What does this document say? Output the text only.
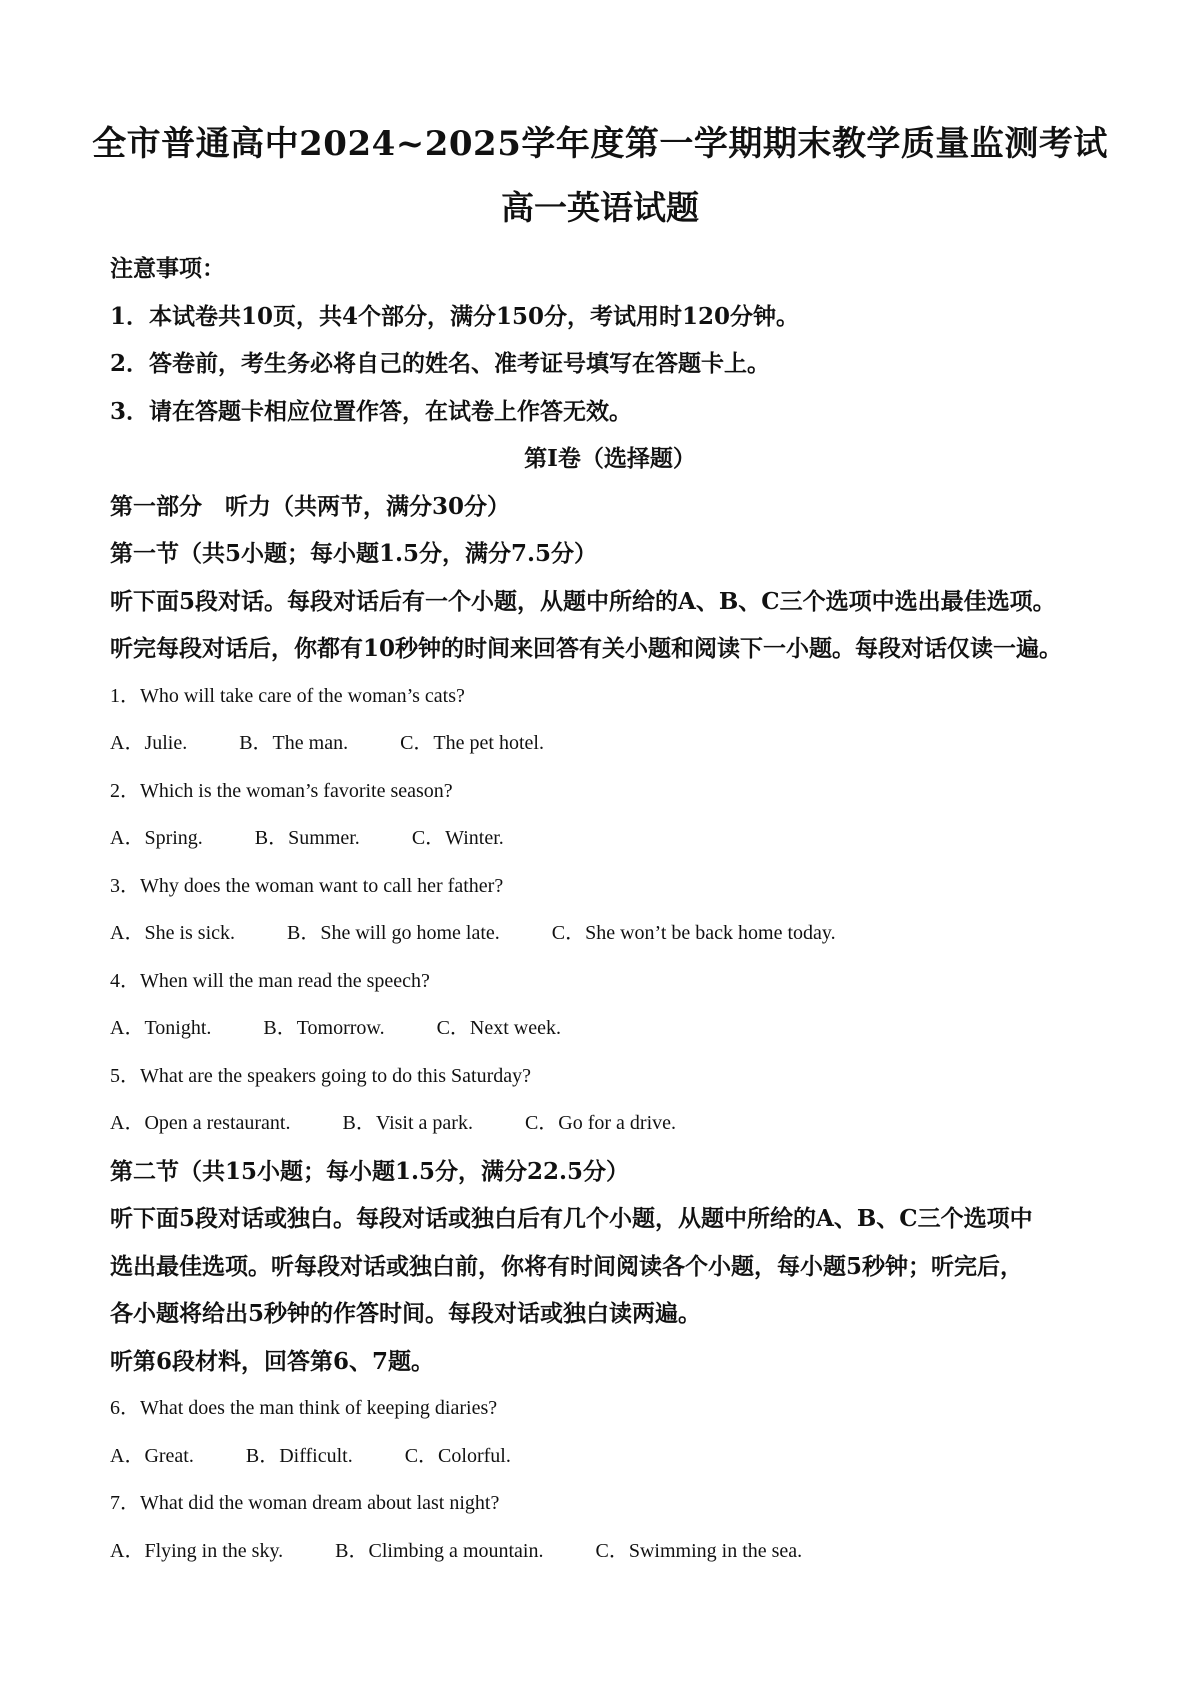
全市普通高中2024~2025学年度第一学期期末教学质量监测考试
高一英语试题
注意事项：
1．本试卷共10页，共4个部分，满分150分，考试用时120分钟。
2．答卷前，考生务必将自己的姓名、准考证号填写在答题卡上。
3．请在答题卡相应位置作答，在试卷上作答无效。
第I卷（选择题）
第一部分　听力（共两节，满分30分）
第一节（共5小题；每小题1.5分，满分7.5分）
听下面5段对话。每段对话后有一个小题，从题中所给的A、B、C三个选项中选出最佳选项。
听完每段对话后，你都有10秒钟的时间来回答有关小题和阅读下一小题。每段对话仅读一遍。
1．Who will take care of the woman’s cats?
A．Julie.	B．The man.	C．The pet hotel.
2．Which is the woman’s favorite season?
A．Spring.	B．Summer.	C．Winter.
3．Why does the woman want to call her father?
A．She is sick.	B．She will go home late.	C．She won’t be back home today.
4．When will the man read the speech?
A．Tonight.	B．Tomorrow.	C．Next week.
5．What are the speakers going to do this Saturday?
A．Open a restaurant.	B．Visit a park.	C．Go for a drive.
第二节（共15小题；每小题1.5分，满分22.5分）
听下面5段对话或独白。每段对话或独白后有几个小题，从题中所给的A、B、C三个选项中
选出最佳选项。听每段对话或独白前，你将有时间阅读各个小题，每小题5秒钟；听完后，
各小题将给出5秒钟的作答时间。每段对话或独白读两遍。
听第6段材料，回答第6、7题。
6．What does the man think of keeping diaries?
A．Great.	B．Difficult.	C．Colorful.
7．What did the woman dream about last night?
A．Flying in the sky.	B．Climbing a mountain.	C．Swimming in the sea.
